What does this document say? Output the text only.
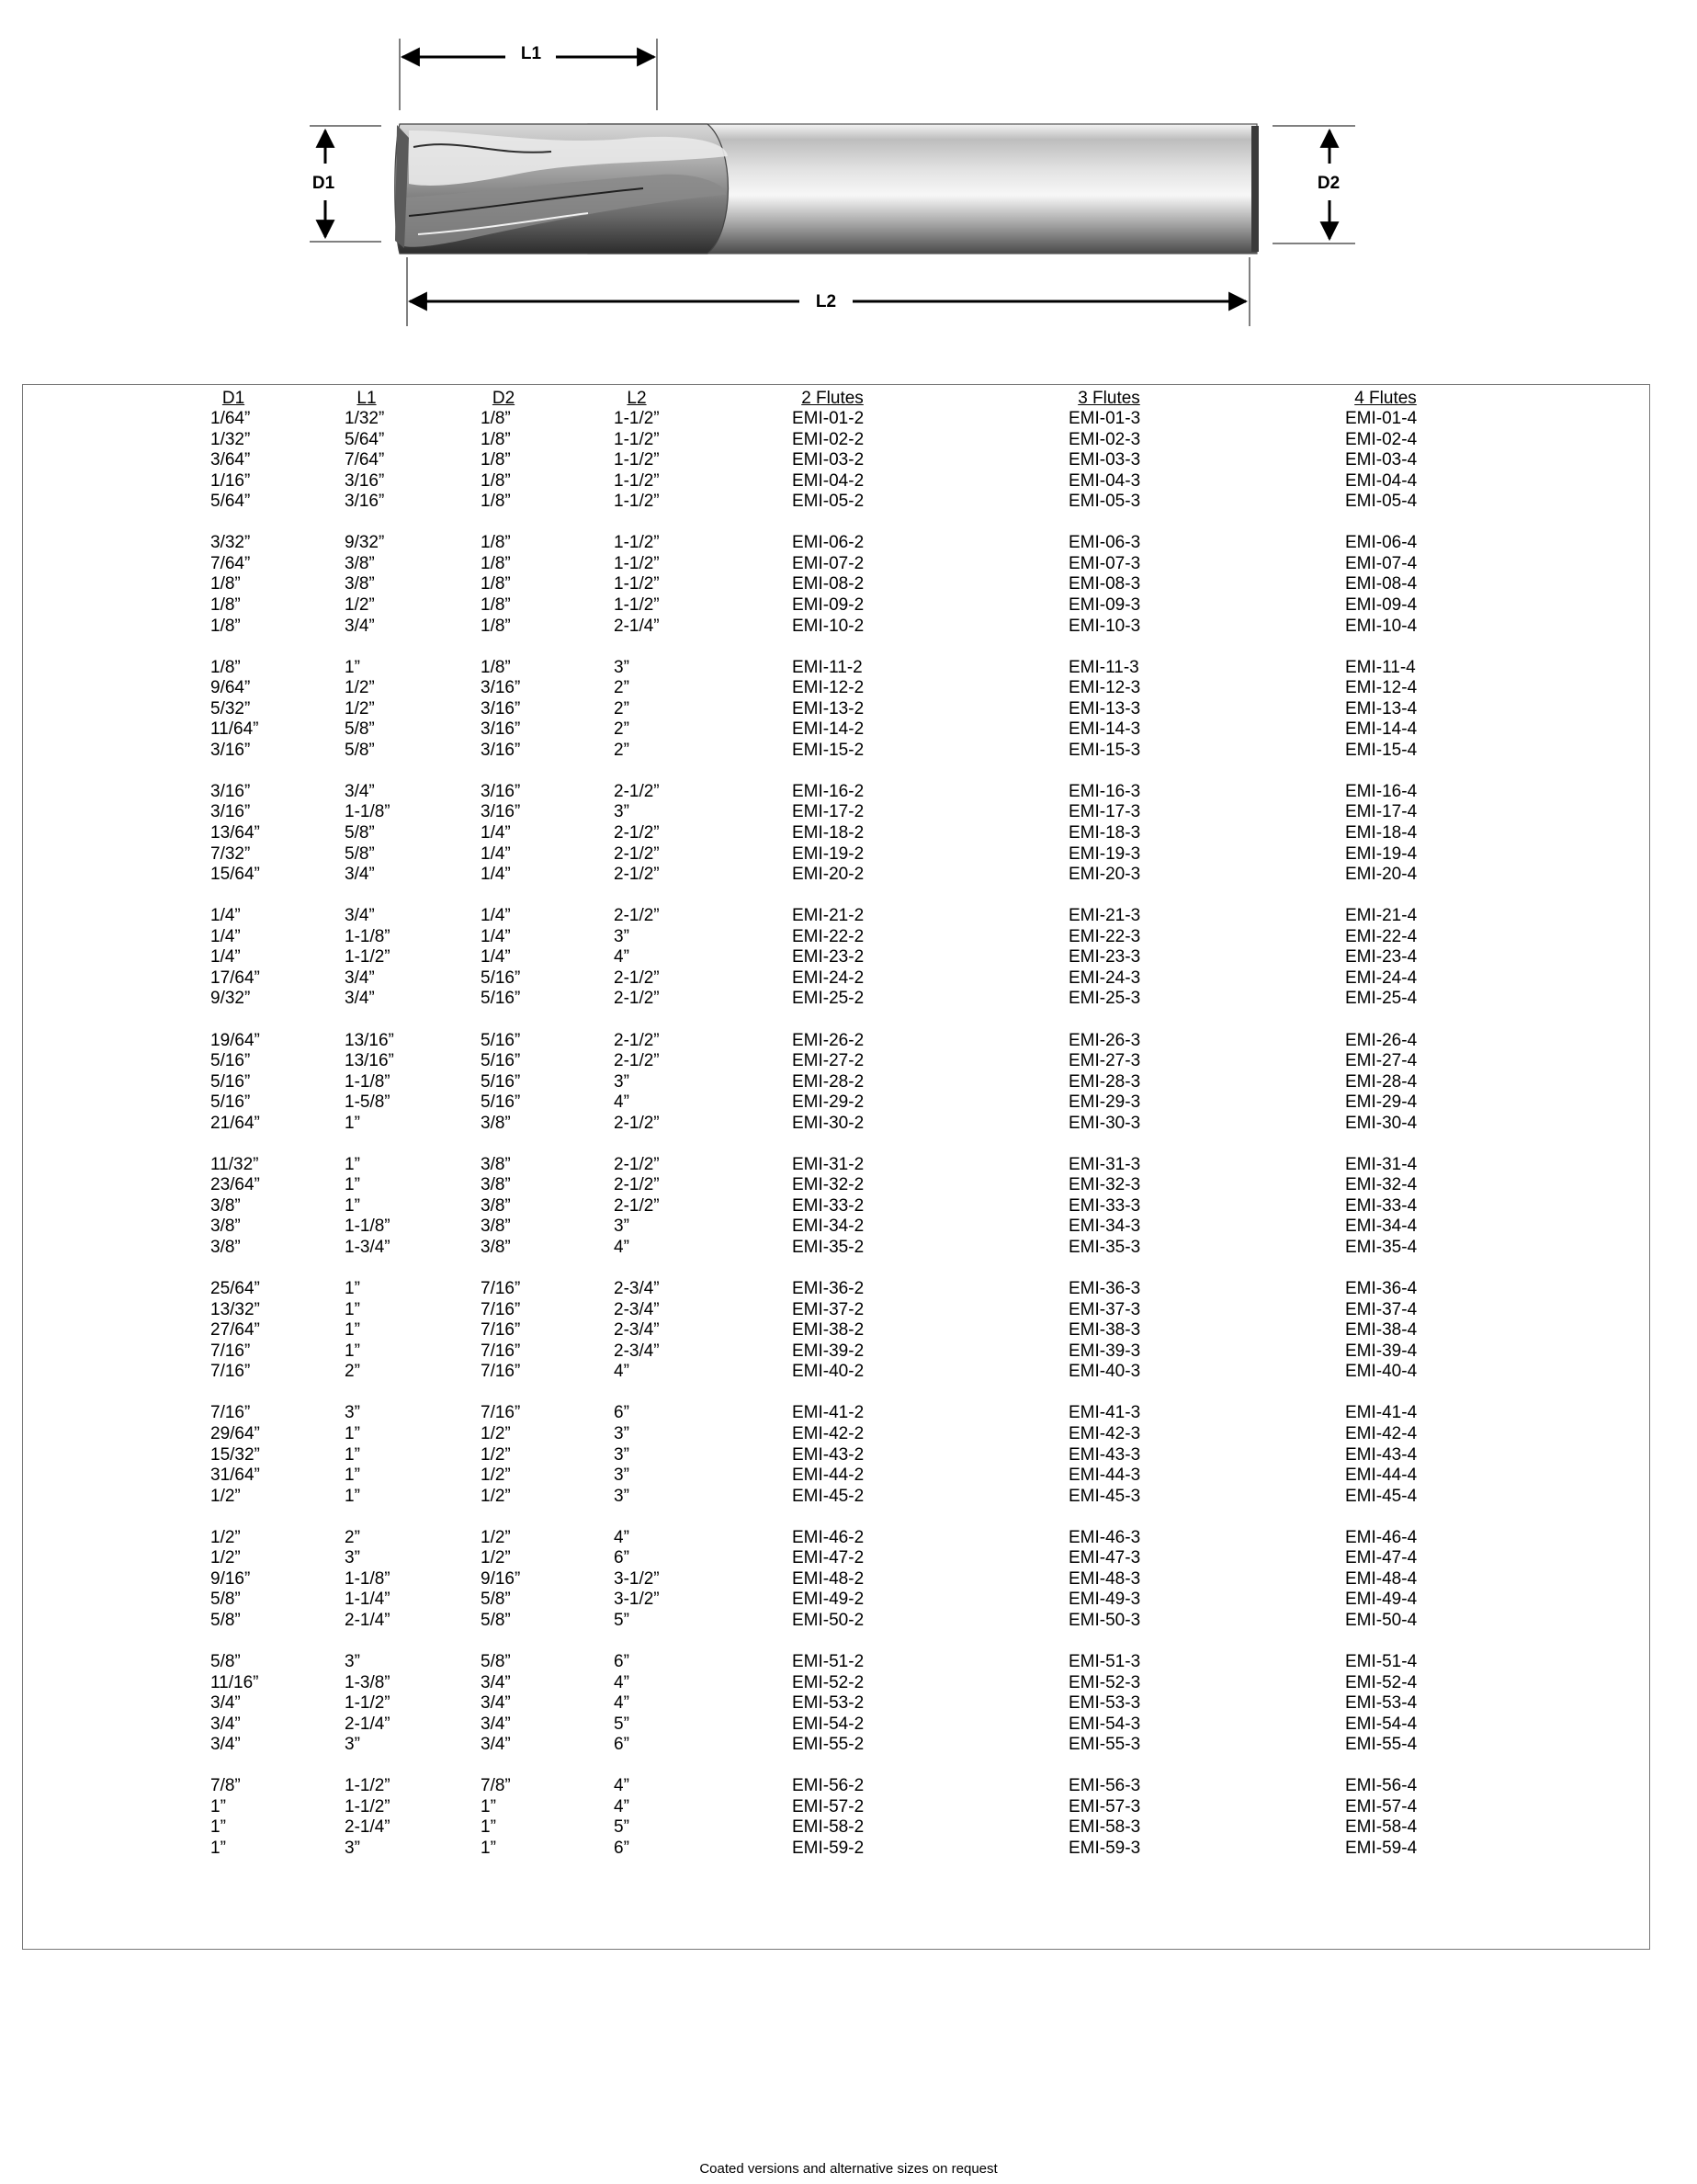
L1
D1	D2
L2
D1	L1	D2	L2	2 Flutes	3 Flutes	4 Flutes
1/64”	1/32”	1/8”	1-1/2”	EMI-01-2	EMI-01-3	EMI-01-4
1/32”	5/64”	1/8”	1-1/2”	EMI-02-2	EMI-02-3	EMI-02-4
3/64”	7/64”	1/8”	1-1/2”	EMI-03-2	EMI-03-3	EMI-03-4
1/16”	3/16”	1/8”	1-1/2”	EMI-04-2	EMI-04-3	EMI-04-4
5/64”	3/16”	1/8”	1-1/2”	EMI-05-2	EMI-05-3	EMI-05-4
3/32”	9/32”	1/8”	1-1/2”	EMI-06-2	EMI-06-3	EMI-06-4
7/64”	3/8”	1/8”	1-1/2”	EMI-07-2	EMI-07-3	EMI-07-4
1/8”	3/8”	1/8”	1-1/2”	EMI-08-2	EMI-08-3	EMI-08-4
1/8”	1/2”	1/8”	1-1/2”	EMI-09-2	EMI-09-3	EMI-09-4
1/8”	3/4”	1/8”	2-1/4”	EMI-10-2	EMI-10-3	EMI-10-4
1/8”	1”	1/8”	3”	EMI-11-2	EMI-11-3	EMI-11-4
9/64”	1/2”	3/16”	2”	EMI-12-2	EMI-12-3	EMI-12-4
5/32”	1/2”	3/16”	2”	EMI-13-2	EMI-13-3	EMI-13-4
11/64”	5/8”	3/16”	2”	EMI-14-2	EMI-14-3	EMI-14-4
3/16”	5/8”	3/16”	2”	EMI-15-2	EMI-15-3	EMI-15-4
3/16”	3/4”	3/16”	2-1/2”	EMI-16-2	EMI-16-3	EMI-16-4
3/16”	1-1/8”	3/16”	3”	EMI-17-2	EMI-17-3	EMI-17-4
13/64”	5/8”	1/4”	2-1/2”	EMI-18-2	EMI-18-3	EMI-18-4
7/32”	5/8”	1/4”	2-1/2”	EMI-19-2	EMI-19-3	EMI-19-4
15/64”	3/4”	1/4”	2-1/2”	EMI-20-2	EMI-20-3	EMI-20-4
1/4”	3/4”	1/4”	2-1/2”	EMI-21-2	EMI-21-3	EMI-21-4
1/4”	1-1/8”	1/4”	3”	EMI-22-2	EMI-22-3	EMI-22-4
1/4”	1-1/2”	1/4”	4”	EMI-23-2	EMI-23-3	EMI-23-4
17/64”	3/4”	5/16”	2-1/2”	EMI-24-2	EMI-24-3	EMI-24-4
9/32”	3/4”	5/16”	2-1/2”	EMI-25-2	EMI-25-3	EMI-25-4
19/64”	13/16”	5/16”	2-1/2”	EMI-26-2	EMI-26-3	EMI-26-4
5/16”	13/16”	5/16”	2-1/2”	EMI-27-2	EMI-27-3	EMI-27-4
5/16”	1-1/8”	5/16”	3”	EMI-28-2	EMI-28-3	EMI-28-4
5/16”	1-5/8”	5/16”	4”	EMI-29-2	EMI-29-3	EMI-29-4
21/64”	1”	3/8”	2-1/2”	EMI-30-2	EMI-30-3	EMI-30-4
11/32”	1”	3/8”	2-1/2”	EMI-31-2	EMI-31-3	EMI-31-4
23/64”	1”	3/8”	2-1/2”	EMI-32-2	EMI-32-3	EMI-32-4
3/8”	1”	3/8”	2-1/2”	EMI-33-2	EMI-33-3	EMI-33-4
3/8”	1-1/8”	3/8”	3”	EMI-34-2	EMI-34-3	EMI-34-4
3/8”	1-3/4”	3/8”	4”	EMI-35-2	EMI-35-3	EMI-35-4
25/64”	1”	7/16”	2-3/4”	EMI-36-2	EMI-36-3	EMI-36-4
13/32”	1”	7/16”	2-3/4”	EMI-37-2	EMI-37-3	EMI-37-4
27/64”	1”	7/16”	2-3/4”	EMI-38-2	EMI-38-3	EMI-38-4
7/16”	1”	7/16”	2-3/4”	EMI-39-2	EMI-39-3	EMI-39-4
7/16”	2”	7/16”	4”	EMI-40-2	EMI-40-3	EMI-40-4
7/16”	3”	7/16”	6”	EMI-41-2	EMI-41-3	EMI-41-4
29/64”	1”	1/2”	3”	EMI-42-2	EMI-42-3	EMI-42-4
15/32”	1”	1/2”	3”	EMI-43-2	EMI-43-3	EMI-43-4
31/64”	1”	1/2”	3”	EMI-44-2	EMI-44-3	EMI-44-4
1/2”	1”	1/2”	3”	EMI-45-2	EMI-45-3	EMI-45-4
1/2”	2”	1/2”	4”	EMI-46-2	EMI-46-3	EMI-46-4
1/2”	3”	1/2”	6”	EMI-47-2	EMI-47-3	EMI-47-4
9/16”	1-1/8”	9/16”	3-1/2”	EMI-48-2	EMI-48-3	EMI-48-4
5/8”	1-1/4”	5/8”	3-1/2”	EMI-49-2	EMI-49-3	EMI-49-4
5/8”	2-1/4”	5/8”	5”	EMI-50-2	EMI-50-3	EMI-50-4
5/8”	3”	5/8”	6”	EMI-51-2	EMI-51-3	EMI-51-4
11/16”	1-3/8”	3/4”	4”	EMI-52-2	EMI-52-3	EMI-52-4
3/4”	1-1/2”	3/4”	4”	EMI-53-2	EMI-53-3	EMI-53-4
3/4”	2-1/4”	3/4”	5”	EMI-54-2	EMI-54-3	EMI-54-4
3/4”	3”	3/4”	6”	EMI-55-2	EMI-55-3	EMI-55-4
7/8”	1-1/2”	7/8”	4”	EMI-56-2	EMI-56-3	EMI-56-4
1”	1-1/2”	1”	4”	EMI-57-2	EMI-57-3	EMI-57-4
1”	2-1/4”	1”	5”	EMI-58-2	EMI-58-3	EMI-58-4
1”	3”	1”	6”	EMI-59-2	EMI-59-3	EMI-59-4
Coated versions and alternative sizes on request
